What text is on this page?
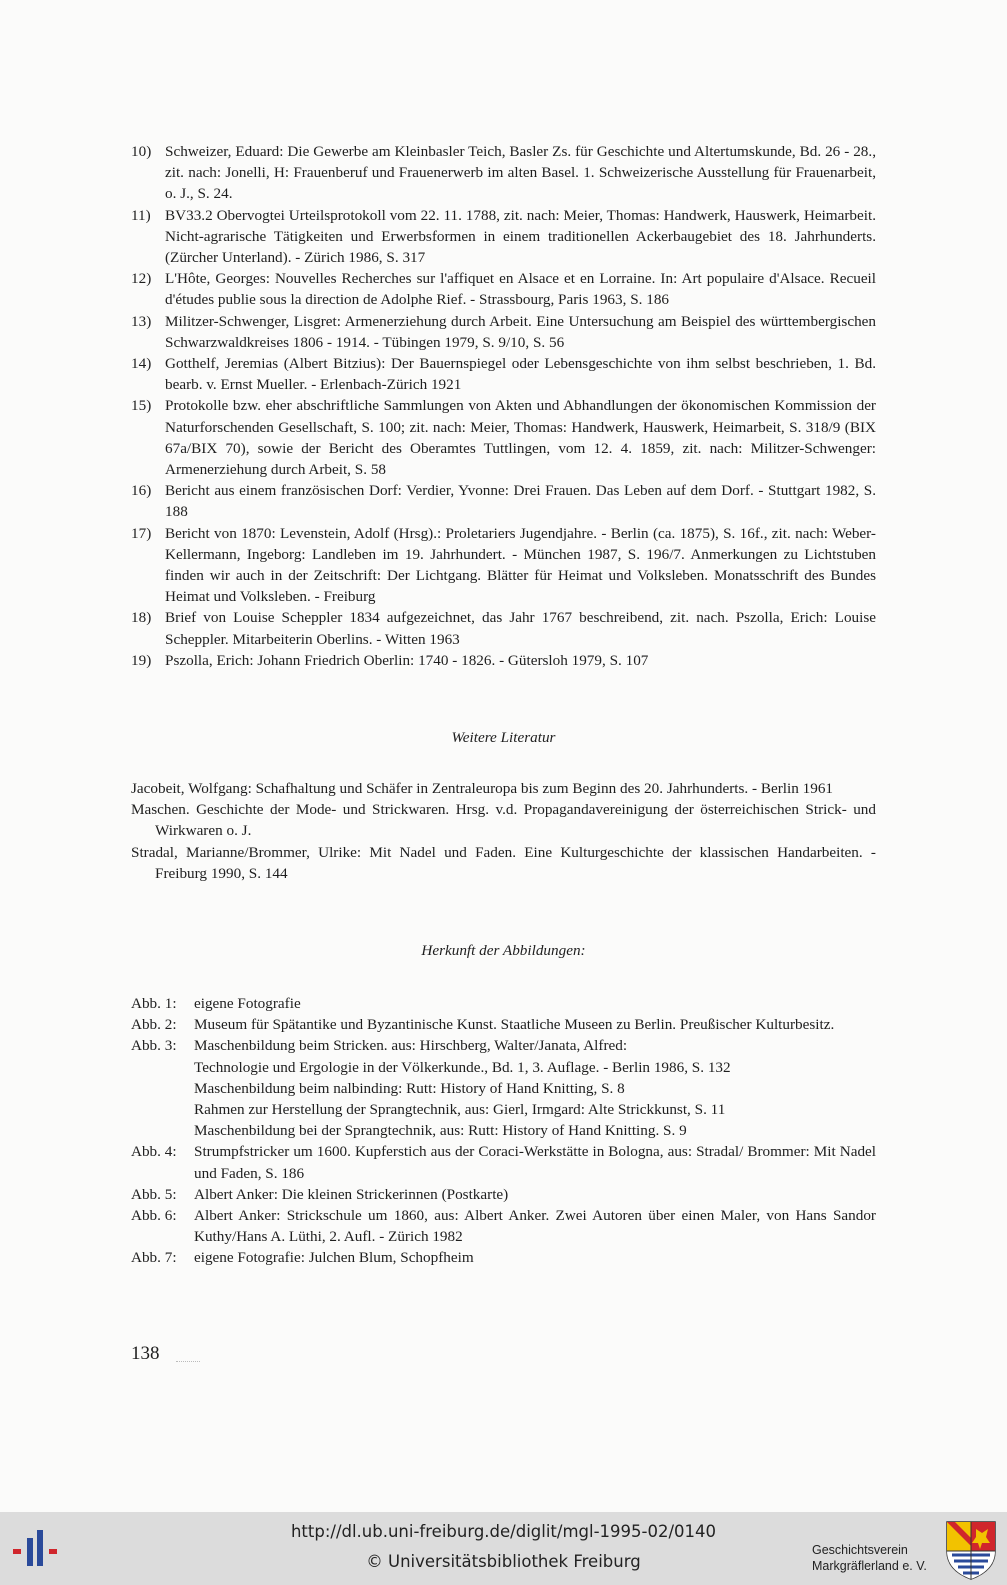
10) Schweizer, Eduard: Die Gewerbe am Kleinbasler Teich, Basler Zs. für Geschichte und Altertumskunde, Bd. 26 - 28., zit. nach: Jonelli, H: Frauenberuf und Frauenerwerb im alten Basel. 1. Schweizerische Ausstellung für Frauenarbeit, o. J., S. 24.
11) BV33.2 Obervogtei Urteilsprotokoll vom 22. 11. 1788, zit. nach: Meier, Thomas: Handwerk, Hauswerk, Heimarbeit. Nicht-agrarische Tätigkeiten und Erwerbsformen in einem traditionellen Ackerbaugebiet des 18. Jahrhunderts. (Zürcher Unterland). - Zürich 1986, S. 317
12) L'Hôte, Georges: Nouvelles Recherches sur l'affiquet en Alsace et en Lorraine. In: Art populaire d'Alsace. Recueil d'études publie sous la direction de Adolphe Rief. - Strassbourg, Paris 1963, S. 186
13) Militzer-Schwenger, Lisgret: Armenerziehung durch Arbeit. Eine Untersuchung am Beispiel des württembergischen Schwarzwaldkreises 1806 - 1914. - Tübingen 1979, S. 9/10, S. 56
14) Gotthelf, Jeremias (Albert Bitzius): Der Bauernspiegel oder Lebensgeschichte von ihm selbst beschrieben, 1. Bd. bearb. v. Ernst Mueller. - Erlenbach-Zürich 1921
15) Protokolle bzw. eher abschriftliche Sammlungen von Akten und Abhandlungen der ökonomischen Kommission der Naturforschenden Gesellschaft, S. 100; zit. nach: Meier, Thomas: Handwerk, Hauswerk, Heimarbeit, S. 318/9 (BIX 67a/BIX 70), sowie der Bericht des Oberamtes Tuttlingen, vom 12. 4. 1859, zit. nach: Militzer-Schwenger: Armenerziehung durch Arbeit, S. 58
16) Bericht aus einem französischen Dorf: Verdier, Yvonne: Drei Frauen. Das Leben auf dem Dorf. - Stuttgart 1982, S. 188
17) Bericht von 1870: Levenstein, Adolf (Hrsg).: Proletariers Jugendjahre. - Berlin (ca. 1875), S. 16f., zit. nach: Weber-Kellermann, Ingeborg: Landleben im 19. Jahrhundert. - München 1987, S. 196/7. Anmerkungen zu Lichtstuben finden wir auch in der Zeitschrift: Der Lichtgang. Blätter für Heimat und Volksleben. Monatsschrift des Bundes Heimat und Volksleben. - Freiburg
18) Brief von Louise Scheppler 1834 aufgezeichnet, das Jahr 1767 beschreibend, zit. nach. Pszolla, Erich: Louise Scheppler. Mitarbeiterin Oberlins. - Witten 1963
19) Pszolla, Erich: Johann Friedrich Oberlin: 1740 - 1826. - Gütersloh 1979, S. 107
Weitere Literatur
Jacobeit, Wolfgang: Schafhaltung und Schäfer in Zentraleuropa bis zum Beginn des 20. Jahrhunderts. - Berlin 1961
Maschen. Geschichte der Mode- und Strickwaren. Hrsg. v.d. Propagandavereinigung der österreichischen Strick- und Wirkwaren o. J.
Stradal, Marianne/Brommer, Ulrike: Mit Nadel und Faden. Eine Kulturgeschichte der klassischen Handarbeiten. - Freiburg 1990, S. 144
Herkunft der Abbildungen:
Abb. 1: eigene Fotografie
Abb. 2: Museum für Spätantike und Byzantinische Kunst. Staatliche Museen zu Berlin. Preußischer Kulturbesitz.
Abb. 3: Maschenbildung beim Stricken. aus: Hirschberg, Walter/Janata, Alfred:
Technologie und Ergologie in der Völkerkunde., Bd. 1, 3. Auflage. - Berlin 1986, S. 132
Maschenbildung beim nalbinding: Rutt: History of Hand Knitting, S. 8
Rahmen zur Herstellung der Sprangtechnik, aus: Gierl, Irmgard: Alte Strickkunst, S. 11
Maschenbildung bei der Sprangtechnik, aus: Rutt: History of Hand Knitting. S. 9
Abb. 4: Strumpfstricker um 1600. Kupferstich aus der Coraci-Werkstätte in Bologna, aus: Stradal/ Brommer: Mit Nadel und Faden, S. 186
Abb. 5: Albert Anker: Die kleinen Strickerinnen (Postkarte)
Abb. 6: Albert Anker: Strickschule um 1860, aus: Albert Anker. Zwei Autoren über einen Maler, von Hans Sandor Kuthy/Hans A. Lüthi, 2. Aufl. - Zürich 1982
Abb. 7: eigene Fotografie: Julchen Blum, Schopfheim
138
http://dl.ub.uni-freiburg.de/diglit/mgl-1995-02/0140
© Universitätsbibliothek Freiburg
Geschichtsverein
Markgräflerland e. V.
